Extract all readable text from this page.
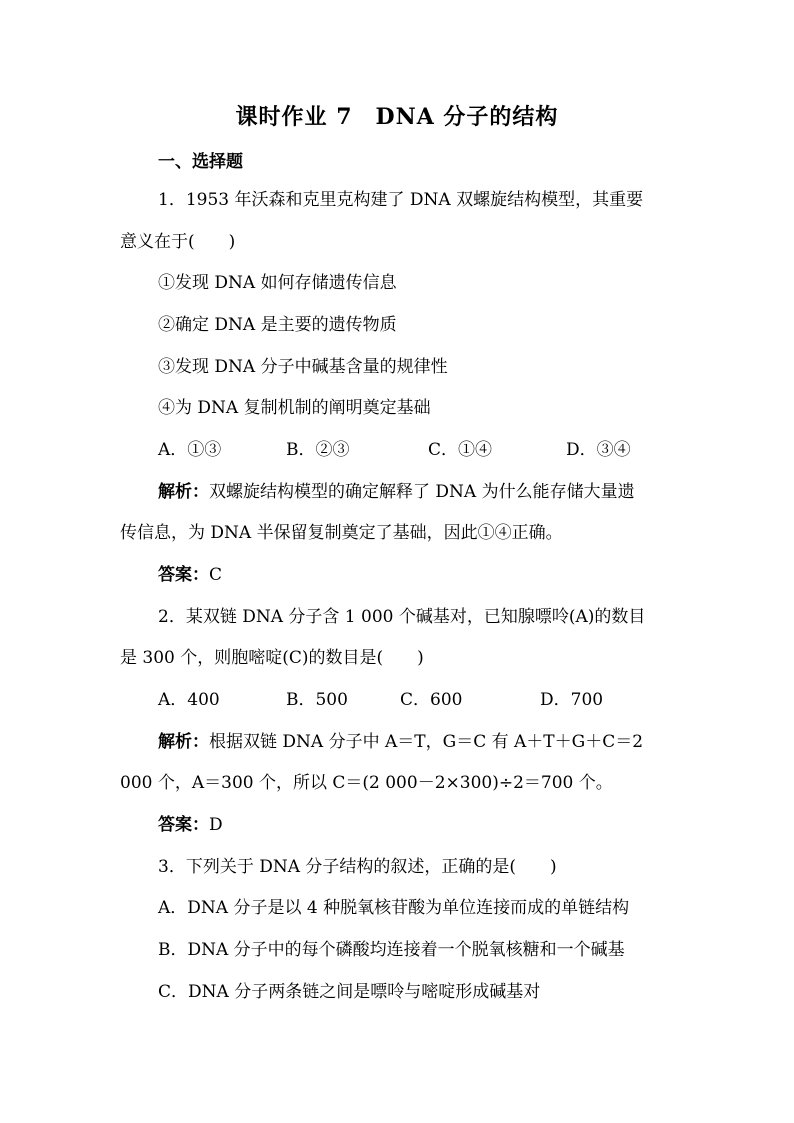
课时作业 7　DNA 分子的结构
一、选择题
1．1953 年沃森和克里克构建了 DNA 双螺旋结构模型，其重要
意义在于(　　)
①发现 DNA 如何存储遗传信息
②确定 DNA 是主要的遗传物质
③发现 DNA 分子中碱基含量的规律性
④为 DNA 复制机制的阐明奠定基础
A．①③	B．②③	C．①④	D．③④
解析：双螺旋结构模型的确定解释了 DNA 为什么能存储大量遗
传信息，为 DNA 半保留复制奠定了基础，因此①④正确。
答案：C
2．某双链 DNA 分子含 1 000 个碱基对，已知腺嘌呤(A)的数目
是 300 个，则胞嘧啶(C)的数目是(　　)
A．400	B．500	C．600	D．700
解析：根据双链 DNA 分子中 A＝T，G＝C 有 A＋T＋G＋C＝2
000 个，A＝300 个，所以 C＝(2 000－2×300)÷2＝700 个。
答案：D
3．下列关于 DNA 分子结构的叙述，正确的是(　　)
A．DNA 分子是以 4 种脱氧核苷酸为单位连接而成的单链结构
B．DNA 分子中的每个磷酸均连接着一个脱氧核糖和一个碱基
C．DNA 分子两条链之间是嘌呤与嘧啶形成碱基对
